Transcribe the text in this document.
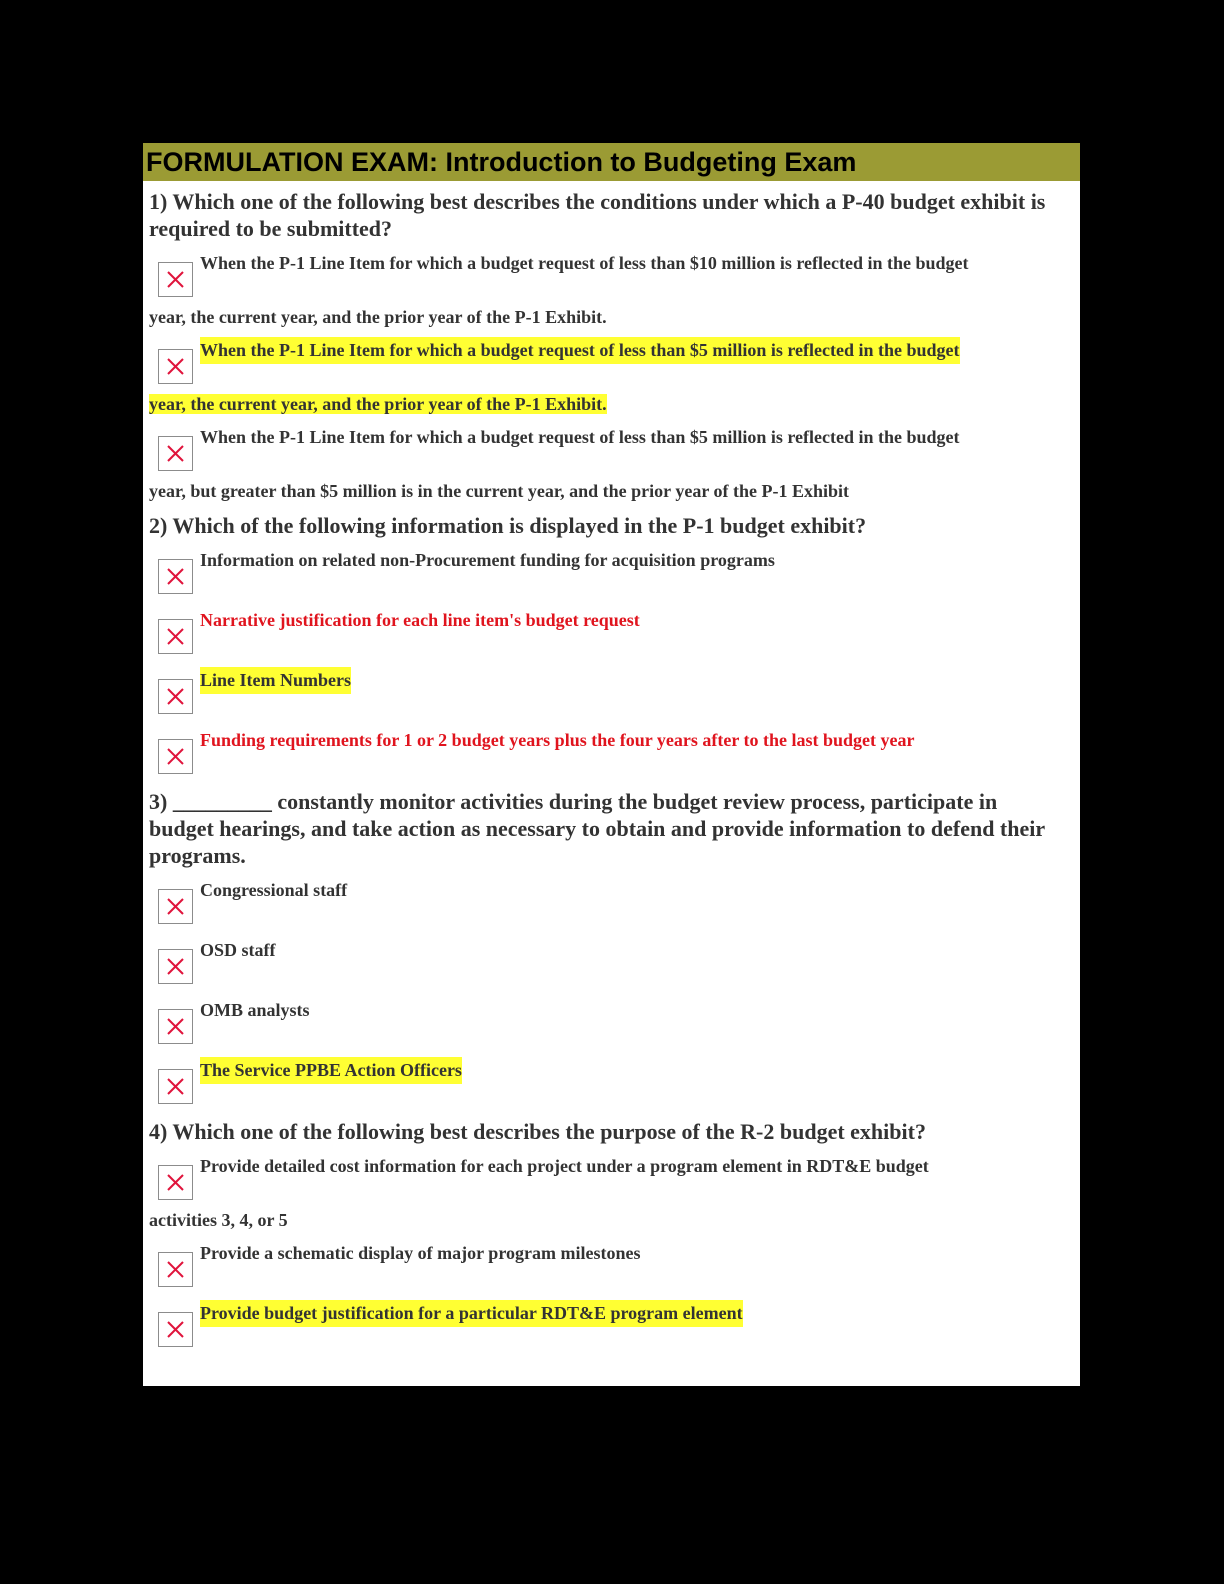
FORMULATION EXAM: Introduction to Budgeting Exam
1) Which one of the following best describes the conditions under which a P-40 budget exhibit is required to be submitted?
When the P-1 Line Item for which a budget request of less than $10 million is reflected in the budget
year, the current year, and the prior year of the P-1 Exhibit.
When the P-1 Line Item for which a budget request of less than $5 million is reflected in the budget
year, the current year, and the prior year of the P-1 Exhibit.
When the P-1 Line Item for which a budget request of less than $5 million is reflected in the budget
year, but greater than $5 million is in the current year, and the prior year of the P-1 Exhibit
2) Which of the following information is displayed in the P-1 budget exhibit?
Information on related non-Procurement funding for acquisition programs
Narrative justification for each line item's budget request
Line Item Numbers
Funding requirements for 1 or 2 budget years plus the four years after to the last budget year
3) _________ constantly monitor activities during the budget review process, participate in budget hearings, and take action as necessary to obtain and provide information to defend their programs.
Congressional staff
OSD staff
OMB analysts
The Service PPBE Action Officers
4) Which one of the following best describes the purpose of the R-2 budget exhibit?
Provide detailed cost information for each project under a program element in RDT&E budget
activities 3, 4, or 5
Provide a schematic display of major program milestones
Provide budget justification for a particular RDT&E program element
